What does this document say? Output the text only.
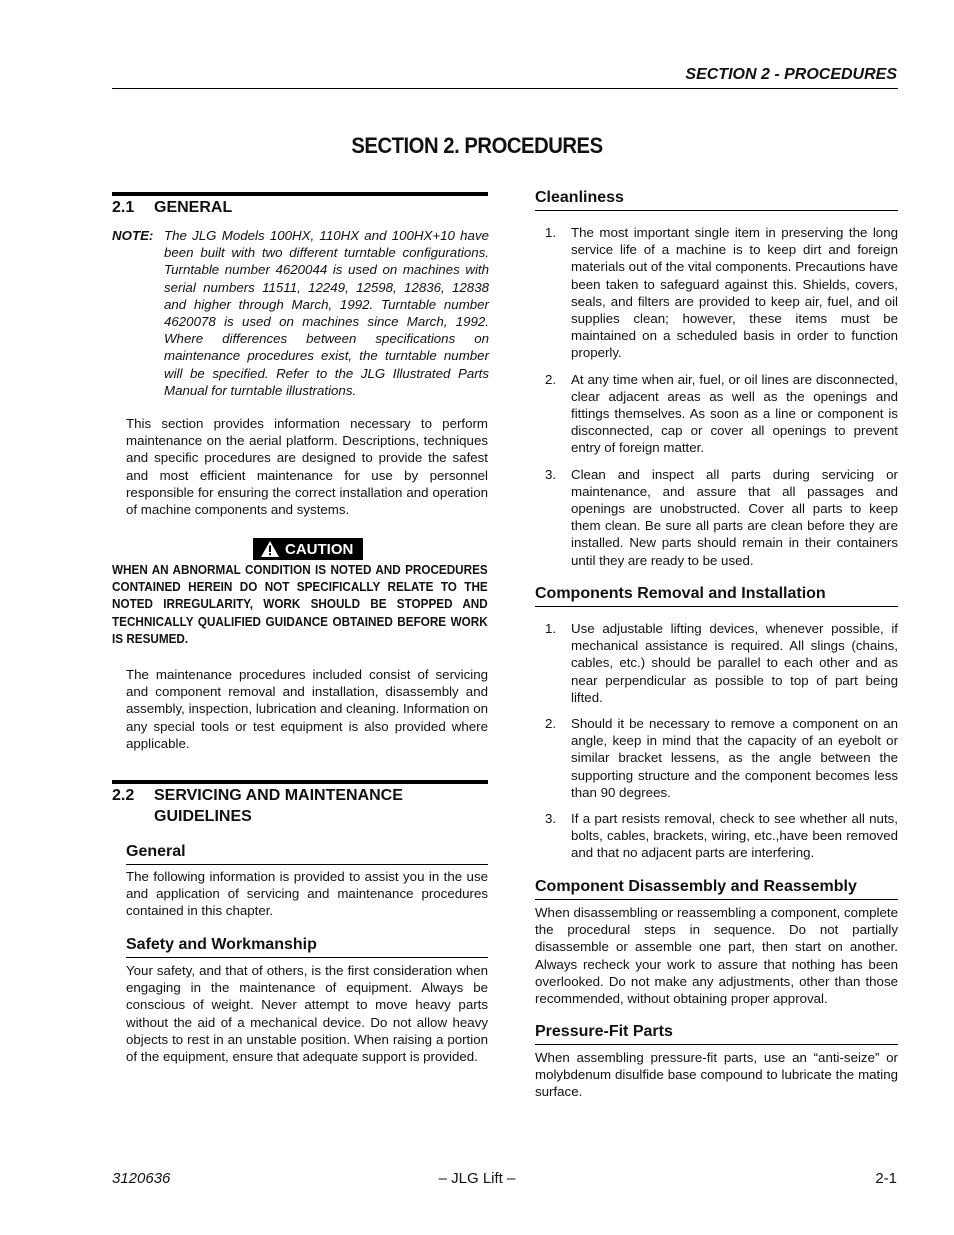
SECTION 2 - PROCEDURES
SECTION 2. PROCEDURES
2.1 GENERAL
NOTE: The JLG Models 100HX, 110HX and 100HX+10 have been built with two different turntable configurations. Turntable number 4620044 is used on machines with serial numbers 11511, 12249, 12598, 12836, 12838 and higher through March, 1992. Turntable number 4620078 is used on machines since March, 1992. Where differences between specifications on maintenance procedures exist, the turntable number will be specified. Refer to the JLG Illustrated Parts Manual for turntable illustrations.
This section provides information necessary to perform maintenance on the aerial platform. Descriptions, techniques and specific procedures are designed to provide the safest and most efficient maintenance for use by personnel responsible for ensuring the correct installation and operation of machine components and systems.
CAUTION
WHEN AN ABNORMAL CONDITION IS NOTED AND PROCEDURES CONTAINED HEREIN DO NOT SPECIFICALLY RELATE TO THE NOTED IRREGULARITY, WORK SHOULD BE STOPPED AND TECHNICALLY QUALIFIED GUIDANCE OBTAINED BEFORE WORK IS RESUMED.
The maintenance procedures included consist of servicing and component removal and installation, disassembly and assembly, inspection, lubrication and cleaning. Information on any special tools or test equipment is also provided where applicable.
2.2 SERVICING AND MAINTENANCE
GUIDELINES
General
The following information is provided to assist you in the use and application of servicing and maintenance procedures contained in this chapter.
Safety and Workmanship
Your safety, and that of others, is the first consideration when engaging in the maintenance of equipment. Always be conscious of weight. Never attempt to move heavy parts without the aid of a mechanical device. Do not allow heavy objects to rest in an unstable position. When raising a portion of the equipment, ensure that adequate support is provided.
Cleanliness
1. The most important single item in preserving the long service life of a machine is to keep dirt and foreign materials out of the vital components. Precautions have been taken to safeguard against this. Shields, covers, seals, and filters are provided to keep air, fuel, and oil supplies clean; however, these items must be maintained on a scheduled basis in order to function properly.
2. At any time when air, fuel, or oil lines are disconnected, clear adjacent areas as well as the openings and fittings themselves. As soon as a line or component is disconnected, cap or cover all openings to prevent entry of foreign matter.
3. Clean and inspect all parts during servicing or maintenance, and assure that all passages and openings are unobstructed. Cover all parts to keep them clean. Be sure all parts are clean before they are installed. New parts should remain in their containers until they are ready to be used.
Components Removal and Installation
1. Use adjustable lifting devices, whenever possible, if mechanical assistance is required. All slings (chains, cables, etc.) should be parallel to each other and as near perpendicular as possible to top of part being lifted.
2. Should it be necessary to remove a component on an angle, keep in mind that the capacity of an eyebolt or similar bracket lessens, as the angle between the supporting structure and the component becomes less than 90 degrees.
3. If a part resists removal, check to see whether all nuts, bolts, cables, brackets, wiring, etc.,have been removed and that no adjacent parts are interfering.
Component Disassembly and Reassembly
When disassembling or reassembling a component, complete the procedural steps in sequence. Do not partially disassemble or assemble one part, then start on another. Always recheck your work to assure that nothing has been overlooked. Do not make any adjustments, other than those recommended, without obtaining proper approval.
Pressure-Fit Parts
When assembling pressure-fit parts, use an “anti-seize” or molybdenum disulfide base compound to lubricate the mating surface.
3120636	– JLG Lift –	2-1
